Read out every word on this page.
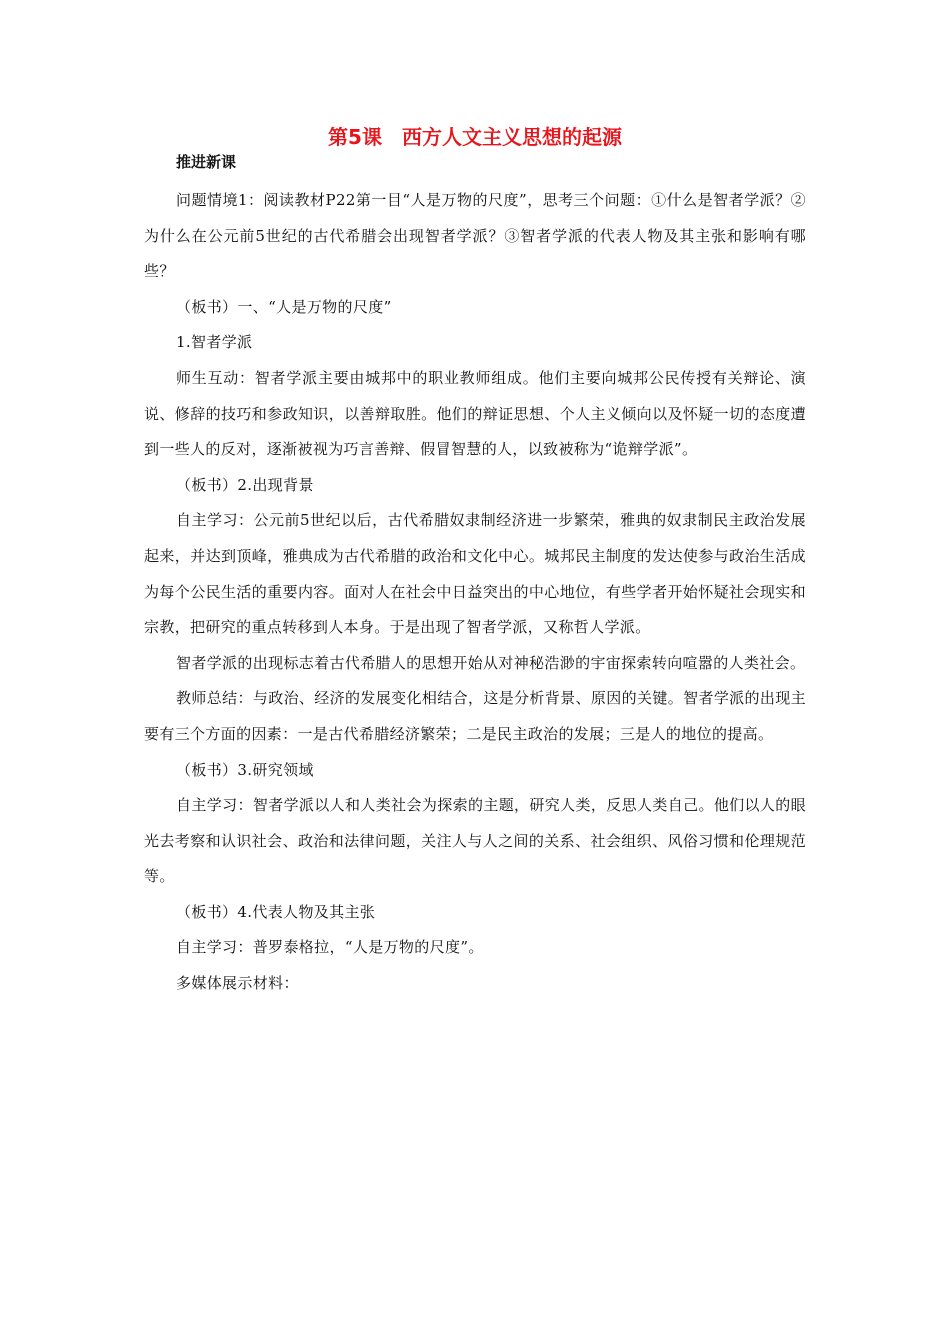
第5课　西方人文主义思想的起源
推进新课

问题情境1：阅读教材P22第一目“人是万物的尺度”，思考三个问题：①什么是智者学派？②为什么在公元前5世纪的古代希腊会出现智者学派？③智者学派的代表人物及其主张和影响有哪些？

（板书）一、“人是万物的尺度”

1.智者学派

师生互动：智者学派主要由城邦中的职业教师组成。他们主要向城邦公民传授有关辩论、演说、修辞的技巧和参政知识，以善辩取胜。他们的辩证思想、个人主义倾向以及怀疑一切的态度遭到一些人的反对，逐渐被视为巧言善辩、假冒智慧的人，以致被称为“诡辩学派”。

（板书）2.出现背景

自主学习：公元前5世纪以后，古代希腊奴隶制经济进一步繁荣，雅典的奴隶制民主政治发展起来，并达到顶峰，雅典成为古代希腊的政治和文化中心。城邦民主制度的发达使参与政治生活成为每个公民生活的重要内容。面对人在社会中日益突出的中心地位，有些学者开始怀疑社会现实和宗教，把研究的重点转移到人本身。于是出现了智者学派，又称哲人学派。

智者学派的出现标志着古代希腊人的思想开始从对神秘浩渺的宇宙探索转向喧嚣的人类社会。

教师总结：与政治、经济的发展变化相结合，这是分析背景、原因的关键。智者学派的出现主要有三个方面的因素：一是古代希腊经济繁荣；二是民主政治的发展；三是人的地位的提高。

（板书）3.研究领域

自主学习：智者学派以人和人类社会为探索的主题，研究人类，反思人类自己。他们以人的眼光去考察和认识社会、政治和法律问题，关注人与人之间的关系、社会组织、风俗习惯和伦理规范等。

（板书）4.代表人物及其主张

自主学习：普罗泰格拉，“人是万物的尺度”。

多媒体展示材料：
